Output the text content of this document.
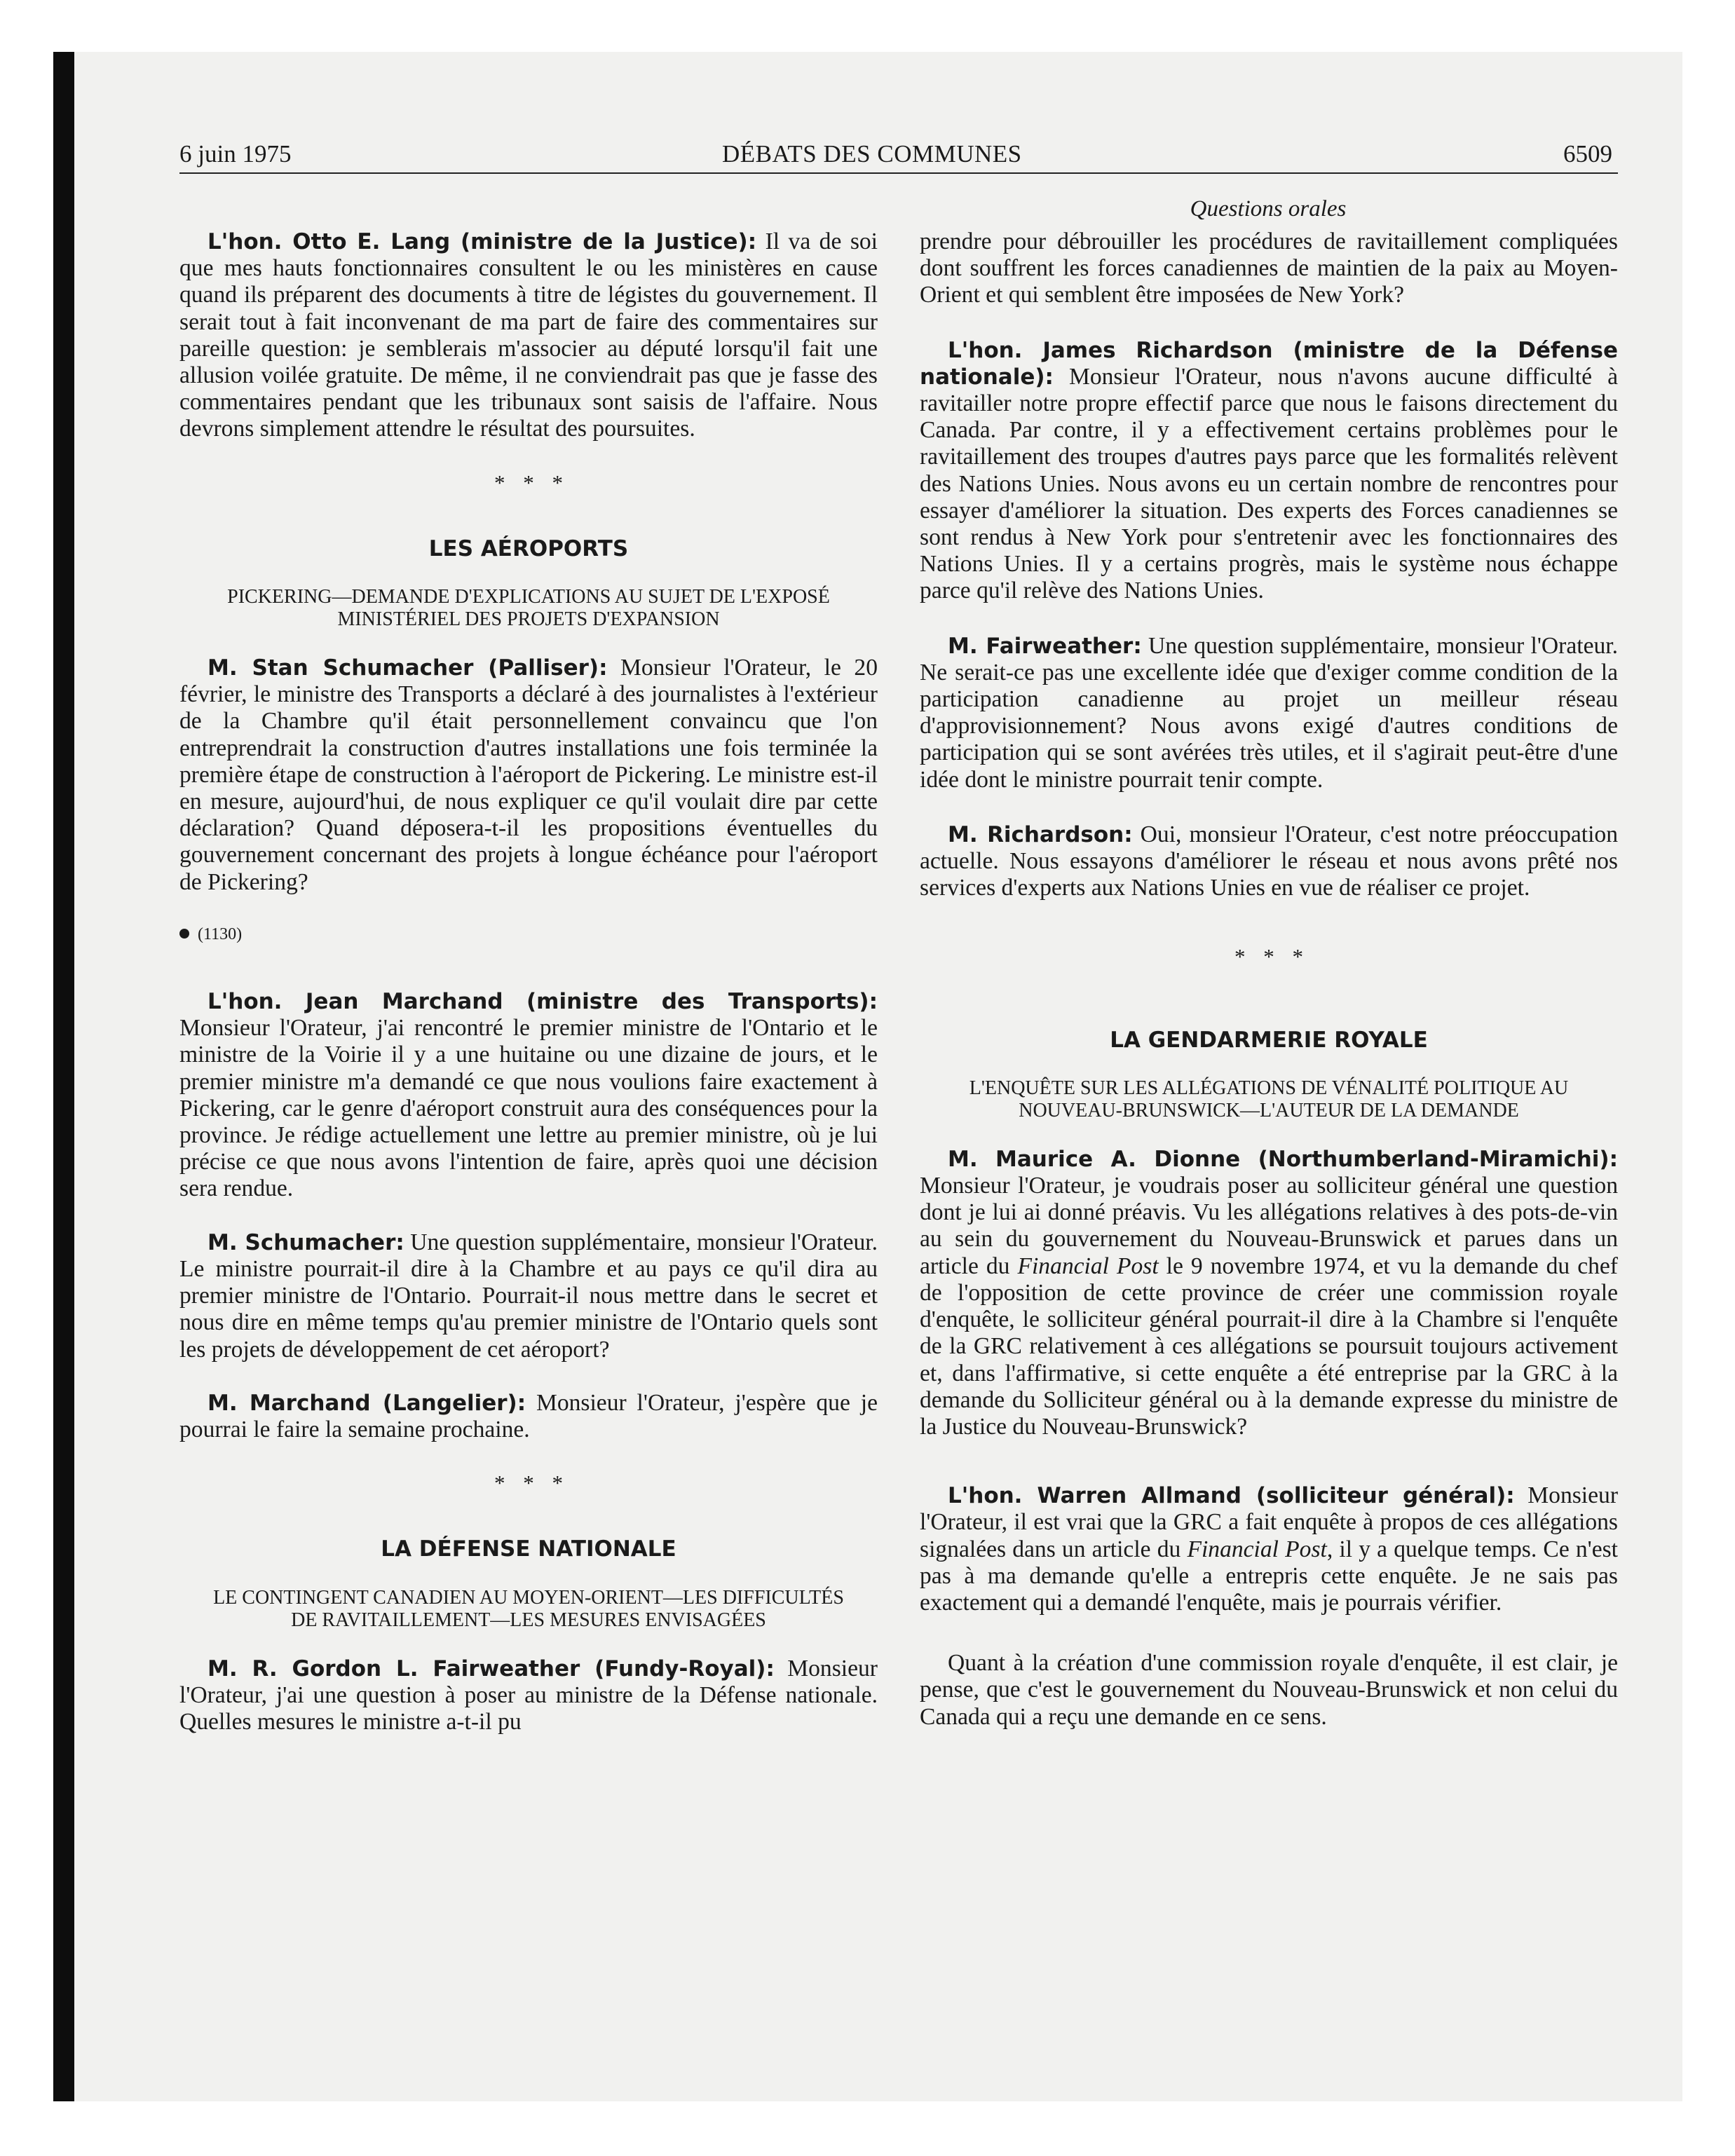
6 juin 1975	DÉBATS DES COMMUNES	6509
Questions orales

L'hon. Otto E. Lang (ministre de la Justice): Il va de soi que mes hauts fonctionnaires consultent le ou les ministères en cause quand ils préparent des documents à titre de légistes du gouvernement. Il serait tout à fait inconvenant de ma part de faire des commentaires sur pareille question: je semblerais m'associer au député lorsqu'il fait une allusion voilée gratuite. De même, il ne conviendrait pas que je fasse des commentaires pendant que les tribunaux sont saisis de l'affaire. Nous devrons simplement attendre le résultat des poursuites.

* * *
LES AÉROPORTS
PICKERING—DEMANDE D'EXPLICATIONS AU SUJET DE L'EXPOSÉ MINISTÉRIEL DES PROJETS D'EXPANSION

M. Stan Schumacher (Palliser): Monsieur l'Orateur, le 20 février, le ministre des Transports a déclaré à des journalistes à l'extérieur de la Chambre qu'il était personnellement convaincu que l'on entreprendrait la construction d'autres installations une fois terminée la première étape de construction à l'aéroport de Pickering. Le ministre est-il en mesure, aujourd'hui, de nous expliquer ce qu'il voulait dire par cette déclaration? Quand déposera-t-il les propositions éventuelles du gouvernement concernant des projets à longue échéance pour l'aéroport de Pickering?

(1130)

L'hon. Jean Marchand (ministre des Transports): Monsieur l'Orateur, j'ai rencontré le premier ministre de l'Ontario et le ministre de la Voirie il y a une huitaine ou une dizaine de jours, et le premier ministre m'a demandé ce que nous voulions faire exactement à Pickering, car le genre d'aéroport construit aura des conséquences pour la province. Je rédige actuellement une lettre au premier ministre, où je lui précise ce que nous avons l'intention de faire, après quoi une décision sera rendue.

M. Schumacher: Une question supplémentaire, monsieur l'Orateur. Le ministre pourrait-il dire à la Chambre et au pays ce qu'il dira au premier ministre de l'Ontario. Pourrait-il nous mettre dans le secret et nous dire en même temps qu'au premier ministre de l'Ontario quels sont les projets de développement de cet aéroport?

M. Marchand (Langelier): Monsieur l'Orateur, j'espère que je pourrai le faire la semaine prochaine.

* * *
LA DÉFENSE NATIONALE
LE CONTINGENT CANADIEN AU MOYEN-ORIENT—LES DIFFICULTÉS DE RAVITAILLEMENT—LES MESURES ENVISAGÉES

M. R. Gordon L. Fairweather (Fundy-Royal): Monsieur l'Orateur, j'ai une question à poser au ministre de la Défense nationale. Quelles mesures le ministre a-t-il pu

prendre pour débrouiller les procédures de ravitaillement compliquées dont souffrent les forces canadiennes de maintien de la paix au Moyen-Orient et qui semblent être imposées de New York?

L'hon. James Richardson (ministre de la Défense nationale): Monsieur l'Orateur, nous n'avons aucune difficulté à ravitailler notre propre effectif parce que nous le faisons directement du Canada. Par contre, il y a effectivement certains problèmes pour le ravitaillement des troupes d'autres pays parce que les formalités relèvent des Nations Unies. Nous avons eu un certain nombre de rencontres pour essayer d'améliorer la situation. Des experts des Forces canadiennes se sont rendus à New York pour s'entretenir avec les fonctionnaires des Nations Unies. Il y a certains progrès, mais le système nous échappe parce qu'il relève des Nations Unies.

M. Fairweather: Une question supplémentaire, monsieur l'Orateur. Ne serait-ce pas une excellente idée que d'exiger comme condition de la participation canadienne au projet un meilleur réseau d'approvisionnement? Nous avons exigé d'autres conditions de participation qui se sont avérées très utiles, et il s'agirait peut-être d'une idée dont le ministre pourrait tenir compte.

M. Richardson: Oui, monsieur l'Orateur, c'est notre préoccupation actuelle. Nous essayons d'améliorer le réseau et nous avons prêté nos services d'experts aux Nations Unies en vue de réaliser ce projet.

* * *
LA GENDARMERIE ROYALE
L'ENQUÊTE SUR LES ALLÉGATIONS DE VÉNALITÉ POLITIQUE AU NOUVEAU-BRUNSWICK—L'AUTEUR DE LA DEMANDE

M. Maurice A. Dionne (Northumberland-Miramichi): Monsieur l'Orateur, je voudrais poser au solliciteur général une question dont je lui ai donné préavis. Vu les allégations relatives à des pots-de-vin au sein du gouvernement du Nouveau-Brunswick et parues dans un article du Financial Post le 9 novembre 1974, et vu la demande du chef de l'opposition de cette province de créer une commission royale d'enquête, le solliciteur général pourrait-il dire à la Chambre si l'enquête de la GRC relativement à ces allégations se poursuit toujours activement et, dans l'affirmative, si cette enquête a été entreprise par la GRC à la demande du Solliciteur général ou à la demande expresse du ministre de la Justice du Nouveau-Brunswick?

L'hon. Warren Allmand (solliciteur général): Monsieur l'Orateur, il est vrai que la GRC a fait enquête à propos de ces allégations signalées dans un article du Financial Post, il y a quelque temps. Ce n'est pas à ma demande qu'elle a entrepris cette enquête. Je ne sais pas exactement qui a demandé l'enquête, mais je pourrais vérifier.

Quant à la création d'une commission royale d'enquête, il est clair, je pense, que c'est le gouvernement du Nouveau-Brunswick et non celui du Canada qui a reçu une demande en ce sens.
